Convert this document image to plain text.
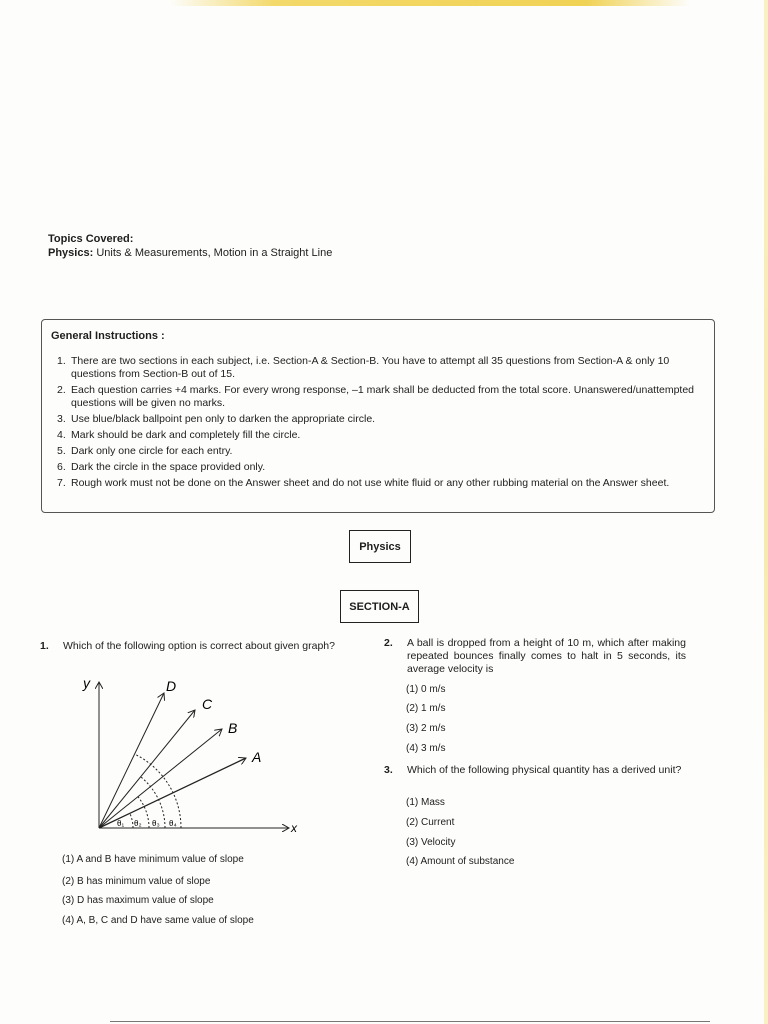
Topics Covered:
Physics: Units & Measurements, Motion in a Straight Line
General Instructions :
1. There are two sections in each subject, i.e. Section-A & Section-B. You have to attempt all 35 questions from Section-A & only 10 questions from Section-B out of 15.
2. Each question carries +4 marks. For every wrong response, –1 mark shall be deducted from the total score. Unanswered/unattempted questions will be given no marks.
3. Use blue/black ballpoint pen only to darken the appropriate circle.
4. Mark should be dark and completely fill the circle.
5. Dark only one circle for each entry.
6. Dark the circle in the space provided only.
7. Rough work must not be done on the Answer sheet and do not use white fluid or any other rubbing material on the Answer sheet.
Physics
SECTION-A
1. Which of the following option is correct about given graph?
y
x
A
B
C
D
θ₁ θ₂ θ₃ θ₄
(1) A and B have minimum value of slope
(2) B has minimum value of slope
(3) D has maximum value of slope
(4) A, B, C and D have same value of slope
2. A ball is dropped from a height of 10 m, which after making repeated bounces finally comes to halt in 5 seconds, its average velocity is
(1) 0 m/s
(2) 1 m/s
(3) 2 m/s
(4) 3 m/s
3. Which of the following physical quantity has a derived unit?
(1) Mass
(2) Current
(3) Velocity
(4) Amount of substance
